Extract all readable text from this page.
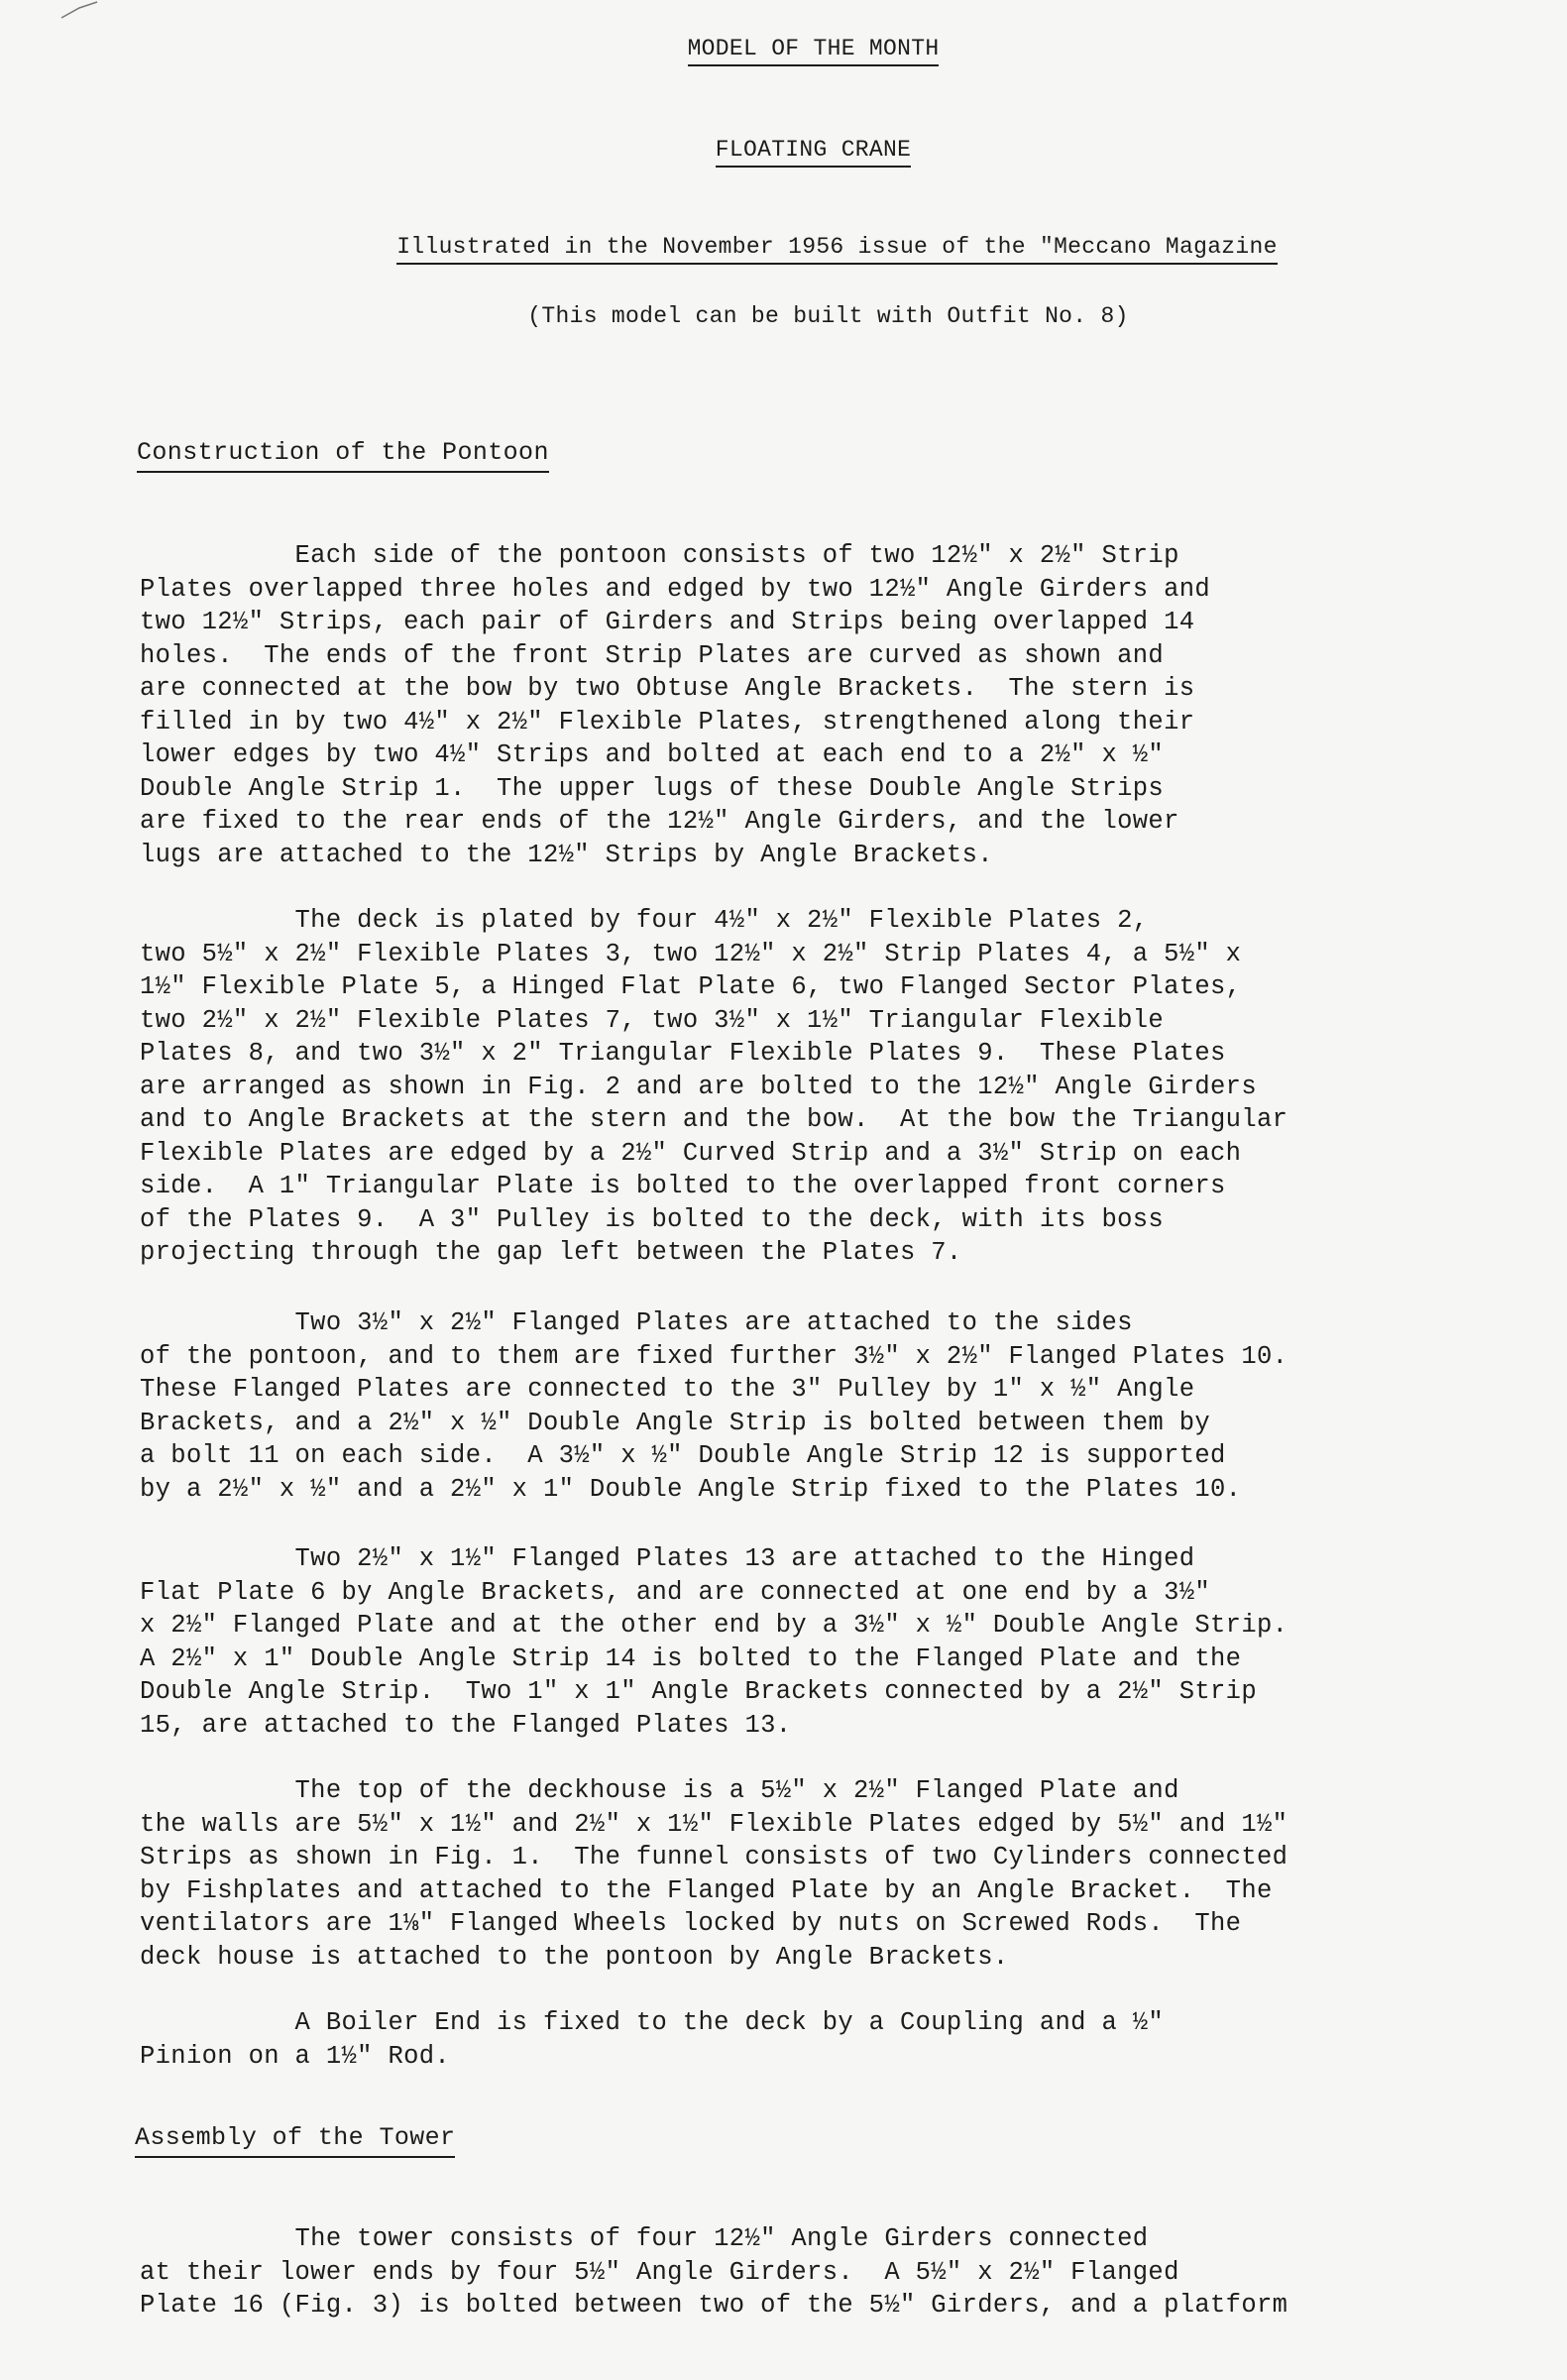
MODEL OF THE MONTH
FLOATING CRANE
Illustrated in the November 1956 issue of the "Meccano Magazine
(This model can be built with Outfit No. 8)
Construction of the Pontoon
Each side of the pontoon consists of two 12½" x 2½" Strip
Plates overlapped three holes and edged by two 12½" Angle Girders and
two 12½" Strips, each pair of Girders and Strips being overlapped 14
holes.  The ends of the front Strip Plates are curved as shown and
are connected at the bow by two Obtuse Angle Brackets.  The stern is
filled in by two 4½" x 2½" Flexible Plates, strengthened along their
lower edges by two 4½" Strips and bolted at each end to a 2½" x ½"
Double Angle Strip 1.  The upper lugs of these Double Angle Strips
are fixed to the rear ends of the 12½" Angle Girders, and the lower
lugs are attached to the 12½" Strips by Angle Brackets.
The deck is plated by four 4½" x 2½" Flexible Plates 2,
two 5½" x 2½" Flexible Plates 3, two 12½" x 2½" Strip Plates 4, a 5½" x
1½" Flexible Plate 5, a Hinged Flat Plate 6, two Flanged Sector Plates,
two 2½" x 2½" Flexible Plates 7, two 3½" x 1½" Triangular Flexible
Plates 8, and two 3½" x 2" Triangular Flexible Plates 9.  These Plates
are arranged as shown in Fig. 2 and are bolted to the 12½" Angle Girders
and to Angle Brackets at the stern and the bow.  At the bow the Triangular
Flexible Plates are edged by a 2½" Curved Strip and a 3½" Strip on each
side.  A 1" Triangular Plate is bolted to the overlapped front corners
of the Plates 9.  A 3" Pulley is bolted to the deck, with its boss
projecting through the gap left between the Plates 7.
Two 3½" x 2½" Flanged Plates are attached to the sides
of the pontoon, and to them are fixed further 3½" x 2½" Flanged Plates 10.
These Flanged Plates are connected to the 3" Pulley by 1" x ½" Angle
Brackets, and a 2½" x ½" Double Angle Strip is bolted between them by
a bolt 11 on each side.  A 3½" x ½" Double Angle Strip 12 is supported
by a 2½" x ½" and a 2½" x 1" Double Angle Strip fixed to the Plates 10.
Two 2½" x 1½" Flanged Plates 13 are attached to the Hinged
Flat Plate 6 by Angle Brackets, and are connected at one end by a 3½"
x 2½" Flanged Plate and at the other end by a 3½" x ½" Double Angle Strip.
A 2½" x 1" Double Angle Strip 14 is bolted to the Flanged Plate and the
Double Angle Strip.  Two 1" x 1" Angle Brackets connected by a 2½" Strip
15, are attached to the Flanged Plates 13.
The top of the deckhouse is a 5½" x 2½" Flanged Plate and
the walls are 5½" x 1½" and 2½" x 1½" Flexible Plates edged by 5½" and 1½"
Strips as shown in Fig. 1.  The funnel consists of two Cylinders connected
by Fishplates and attached to the Flanged Plate by an Angle Bracket.  The
ventilators are 1⅛" Flanged Wheels locked by nuts on Screwed Rods.  The
deck house is attached to the pontoon by Angle Brackets.
A Boiler End is fixed to the deck by a Coupling and a ½"
Pinion on a 1½" Rod.
Assembly of the Tower
The tower consists of four 12½" Angle Girders connected
at their lower ends by four 5½" Angle Girders.  A 5½" x 2½" Flanged
Plate 16 (Fig. 3) is bolted between two of the 5½" Girders, and a platform
